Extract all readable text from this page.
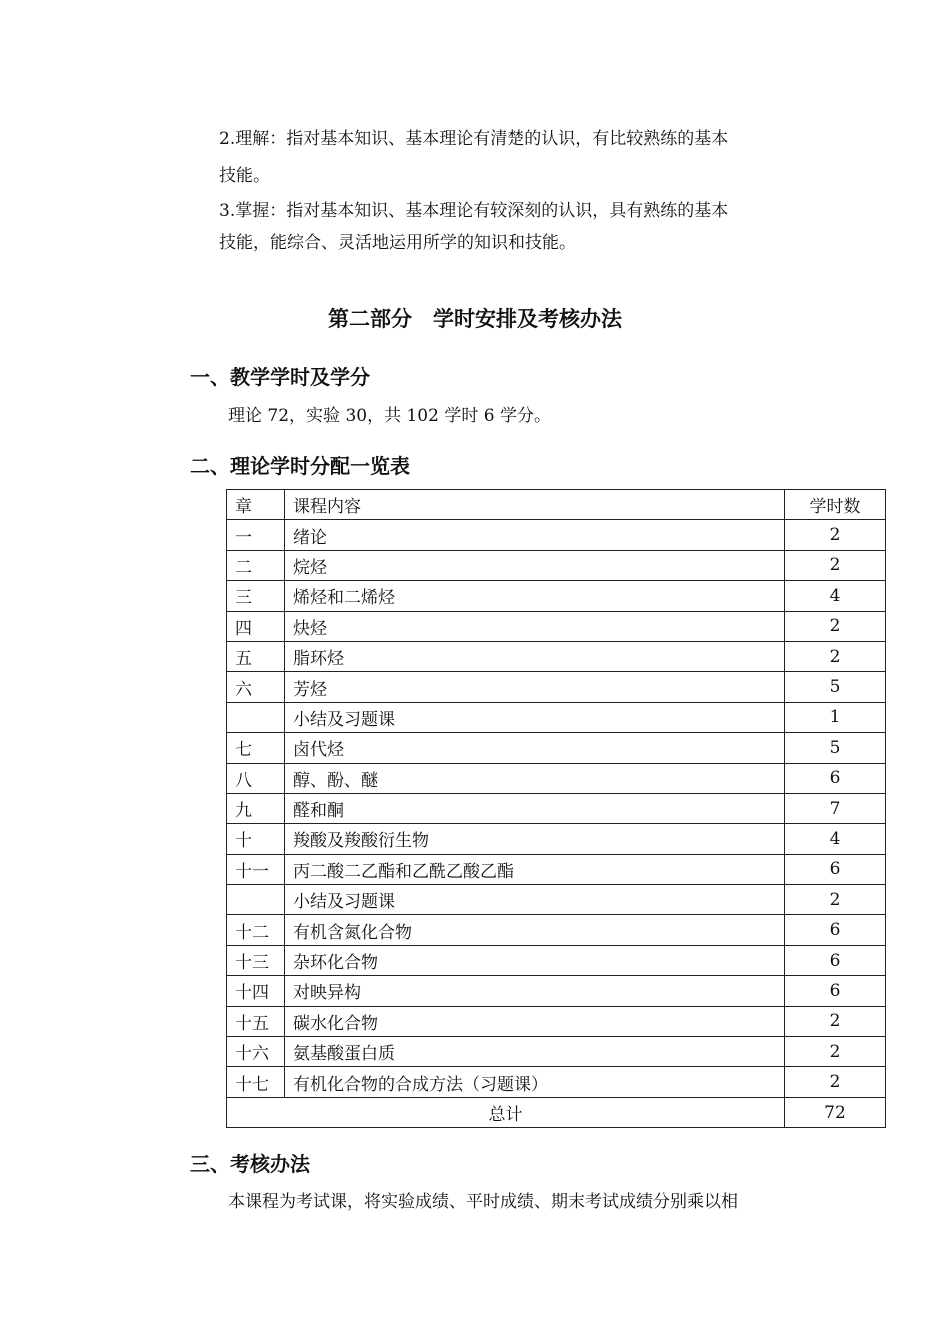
2.理解：指对基本知识、基本理论有清楚的认识，有比较熟练的基本
技能。
3.掌握：指对基本知识、基本理论有较深刻的认识，具有熟练的基本
技能，能综合、灵活地运用所学的知识和技能。
第二部分　学时安排及考核办法
一、教学学时及学分
理论 72，实验 30，共 102 学时 6 学分。
二、理论学时分配一览表
章	课程内容	学时数
一	绪论	2
二	烷烃	2
三	烯烃和二烯烃	4
四	炔烃	2
五	脂环烃	2
六	芳烃	5
	小结及习题课	1
七	卤代烃	5
八	醇、酚、醚	6
九	醛和酮	7
十	羧酸及羧酸衍生物	4
十一	丙二酸二乙酯和乙酰乙酸乙酯	6
	小结及习题课	2
十二	有机含氮化合物	6
十三	杂环化合物	6
十四	对映异构	6
十五	碳水化合物	2
十六	氨基酸蛋白质	2
十七	有机化合物的合成方法（习题课）	2
总计		72
三、考核办法
本课程为考试课，将实验成绩、平时成绩、期末考试成绩分别乘以相
